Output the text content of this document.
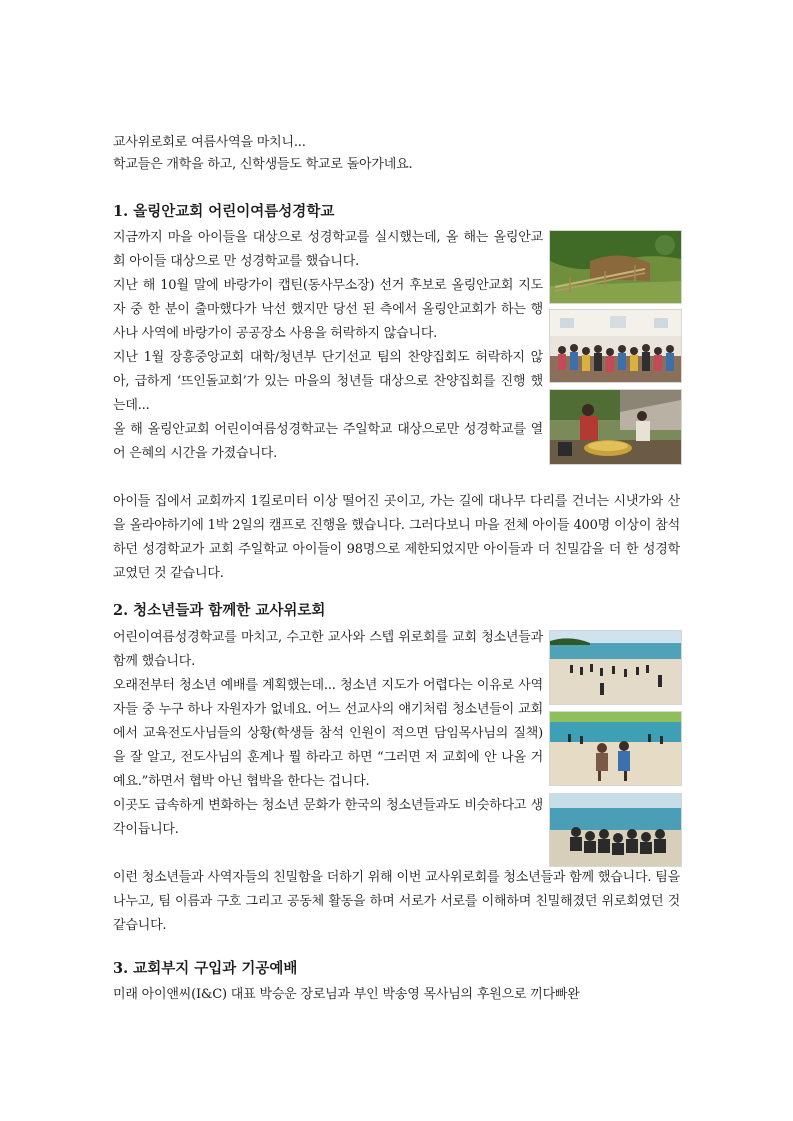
교사위로회로 여름사역을 마치니...

학교들은 개학을 하고, 신학생들도 학교로 돌아가네요.

1. 올링안교회 어린이여름성경학교
지금까지 마을 아이들을 대상으로 성경학교를 실시했는데, 올 해는 올링안교회 아이들 대상으로 만 성경학교를 했습니다.
지난 해 10월 말에 바랑가이 캡틴(동사무소장) 선거 후보로 올링안교회 지도자 중 한 분이 출마했다가 낙선 했지만 당선 된 측에서 올링안교회가 하는 행사나 사역에 바랑가이 공공장소 사용을 허락하지 않습니다.
지난 1월 장흥중앙교회 대학/청년부 단기선교 팀의 찬양집회도 허락하지 않아, 급하게 ‘뜨인돌교회’가 있는 마을의 청년들 대상으로 찬양집회를 진행 했는데...
올 해 올링안교회 어린이여름성경학교는 주일학교 대상으로만 성경학교를 열어 은혜의 시간을 가졌습니다.

아이들 집에서 교회까지 1킬로미터 이상 떨어진 곳이고, 가는 길에 대나무 다리를 건너는 시냇가와 산을 올라야하기에 1박 2일의 캠프로 진행을 했습니다. 그러다보니 마을 전체 아이들 400명 이상이 참석하던 성경학교가 교회 주일학교 아이들이 98명으로 제한되었지만 아이들과 더 친밀감을 더 한 성경학교였던 것 같습니다.

2. 청소년들과 함께한 교사위로회
어린이여름성경학교를 마치고, 수고한 교사와 스텝 위로회를 교회 청소년들과 함께 했습니다.
오래전부터 청소년 예배를 계획했는데... 청소년 지도가 어렵다는 이유로 사역자들 중 누구 하나 자원자가 없네요. 어느 선교사의 얘기처럼 청소년들이 교회에서 교육전도사님들의 상황(학생들 참석 인원이 적으면 담임목사님의 질책)을 잘 알고, 전도사님의 훈계나 뭘 하라고 하면 “그러면 저 교회에 안 나올 거예요.”하면서 협박 아닌 협박을 한다는 겁니다.
이곳도 급속하게 변화하는 청소년 문화가 한국의 청소년들과도 비슷하다고 생각이듭니다.

이런 청소년들과 사역자들의 친밀함을 더하기 위해 이번 교사위로회를 청소년들과 함께 했습니다. 팀을 나누고, 팀 이름과 구호 그리고 공동체 활동을 하며 서로가 서로를 이해하며 친밀해졌던 위로회였던 것 같습니다.

3. 교회부지 구입과 기공예배

미래 아이앤씨(I&C) 대표 박승운 장로님과 부인 박송영 목사님의 후원으로 끼다빠완
